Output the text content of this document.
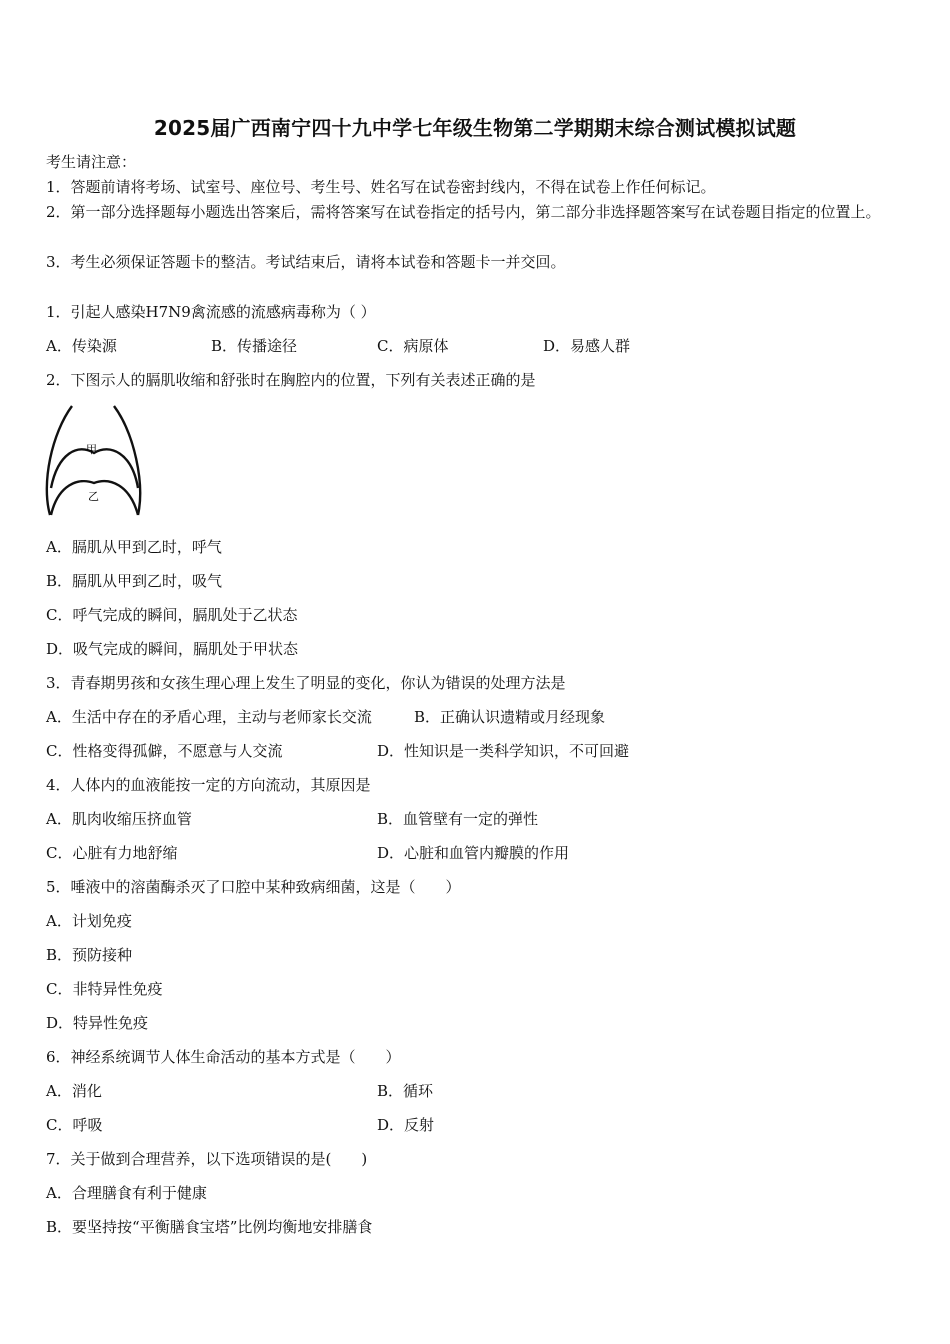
2025届广西南宁四十九中学七年级生物第二学期期末综合测试模拟试题
考生请注意：
1．答题前请将考场、试室号、座位号、考生号、姓名写在试卷密封线内，不得在试卷上作任何标记。
2．第一部分选择题每小题选出答案后，需将答案写在试卷指定的括号内，第二部分非选择题答案写在试卷题目指定的位置上。
3．考生必须保证答题卡的整洁。考试结束后，请将本试卷和答题卡一并交回。
1．引起人感染H7N9禽流感的流感病毒称为（ ）
A．传染源	B．传播途径	C．病原体	D．易感人群
2．下图示人的膈肌收缩和舒张时在胸腔内的位置，下列有关表述正确的是
甲
乙
A．膈肌从甲到乙时，呼气
B．膈肌从甲到乙时，吸气
C．呼气完成的瞬间，膈肌处于乙状态
D．吸气完成的瞬间，膈肌处于甲状态
3．青春期男孩和女孩生理心理上发生了明显的变化，你认为错误的处理方法是
A．生活中存在的矛盾心理，主动与老师家长交流	B．正确认识遗精或月经现象
C．性格变得孤僻，不愿意与人交流	D．性知识是一类科学知识，不可回避
4．人体内的血液能按一定的方向流动，其原因是
A．肌肉收缩压挤血管	B．血管壁有一定的弹性
C．心脏有力地舒缩	D．心脏和血管内瓣膜的作用
5．唾液中的溶菌酶杀灭了口腔中某种致病细菌，这是（　　）
A．计划免疫
B．预防接种
C．非特异性免疫
D．特异性免疫
6．神经系统调节人体生命活动的基本方式是（　　）
A．消化	B．循环
C．呼吸	D．反射
7．关于做到合理营养，以下选项错误的是(　　)
A．合理膳食有利于健康
B．要坚持按“平衡膳食宝塔”比例均衡地安排膳食
